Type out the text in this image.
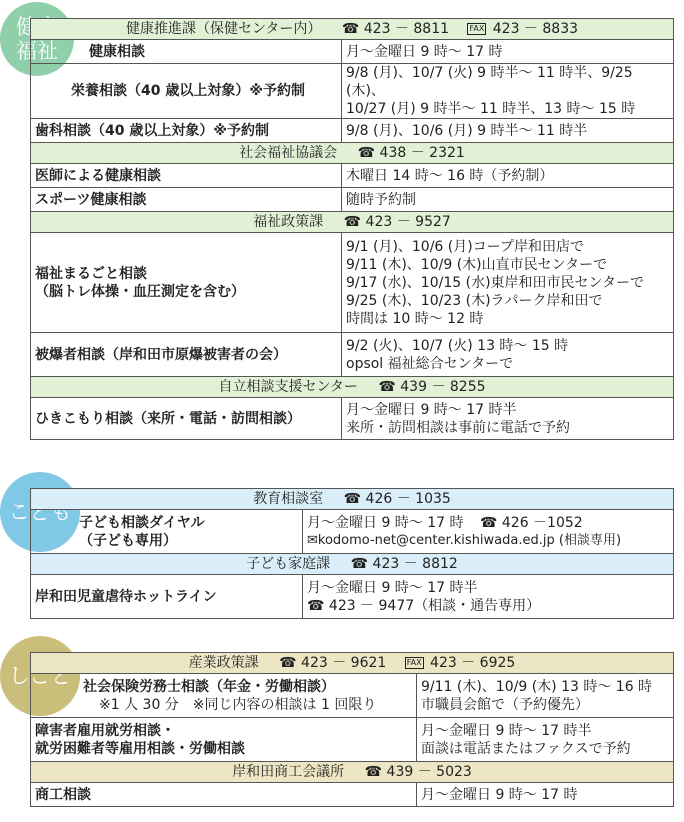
健康
福祉
健康推進課（保健センター内） ☎ 423 － 8811 FAX 423 － 8833	
健康相談	月～金曜日 9 時～ 17 時
栄養相談（40 歳以上対象）※予約制	9/8 (月)、10/7 (火) 9 時半～ 11 時半、9/25 (木)、
10/27 (月) 9 時半～ 11 時半、13 時～ 15 時

歯科相談（40 歳以上対象）※予約制	9/8 (月)、10/6 (月) 9 時半～ 11 時半
社会福祉協議会 ☎ 438 － 2321	
医師による健康相談	木曜日 14 時～ 16 時（予約制）
スポーツ健康相談	随時予約制
福祉政策課 ☎ 423 － 9527	

福祉まるごと相談
（脳トレ体操・血圧測定を含む）	9/1 (月)、10/6 (月)コープ岸和田店で
9/11 (木)、10/9 (木)山直市民センターで
9/17 (水)、10/15 (水)東岸和田市民センターで
9/25 (木)、10/23 (木)ラパーク岸和田で
時間は 10 時～ 12 時

被爆者相談（岸和田市原爆被害者の会）	9/2 (火)、10/7 (火) 13 時～ 15 時
opsol 福祉総合センターで

自立相談支援センター ☎ 439 － 8255	
ひきこもり相談（来所・電話・訪問相談）	月～金曜日 9 時～ 17 時半
来所・訪問相談は事前に電話で予約
こども
教育相談室 ☎ 426 － 1035	

子ども相談ダイヤル
（子ども専用）	月～金曜日 9 時～ 17 時 ☎ 426 －1052
✉kodomo-net@center.kishiwada.ed.jp (相談専用)

子ども家庭課 ☎ 423 － 8812	
岸和田児童虐待ホットライン	月～金曜日 9 時～ 17 時半
☎ 423 － 9477（相談・通告専用）
しごと
産業政策課 ☎ 423 － 9621 FAX 423 － 6925	

社会保険労務士相談（年金・労働相談）
※1 人 30 分　※同じ内容の相談は 1 回限り	9/11 (木)、10/9 (木) 13 時～ 16 時
市職員会館で（予約優先）

障害者雇用就労相談・
就労困難者等雇用相談・労働相談	月～金曜日 9 時～ 17 時半
面談は電話またはファクスで予約

岸和田商工会議所 ☎ 439 － 5023	
商工相談	月～金曜日 9 時～ 17 時
